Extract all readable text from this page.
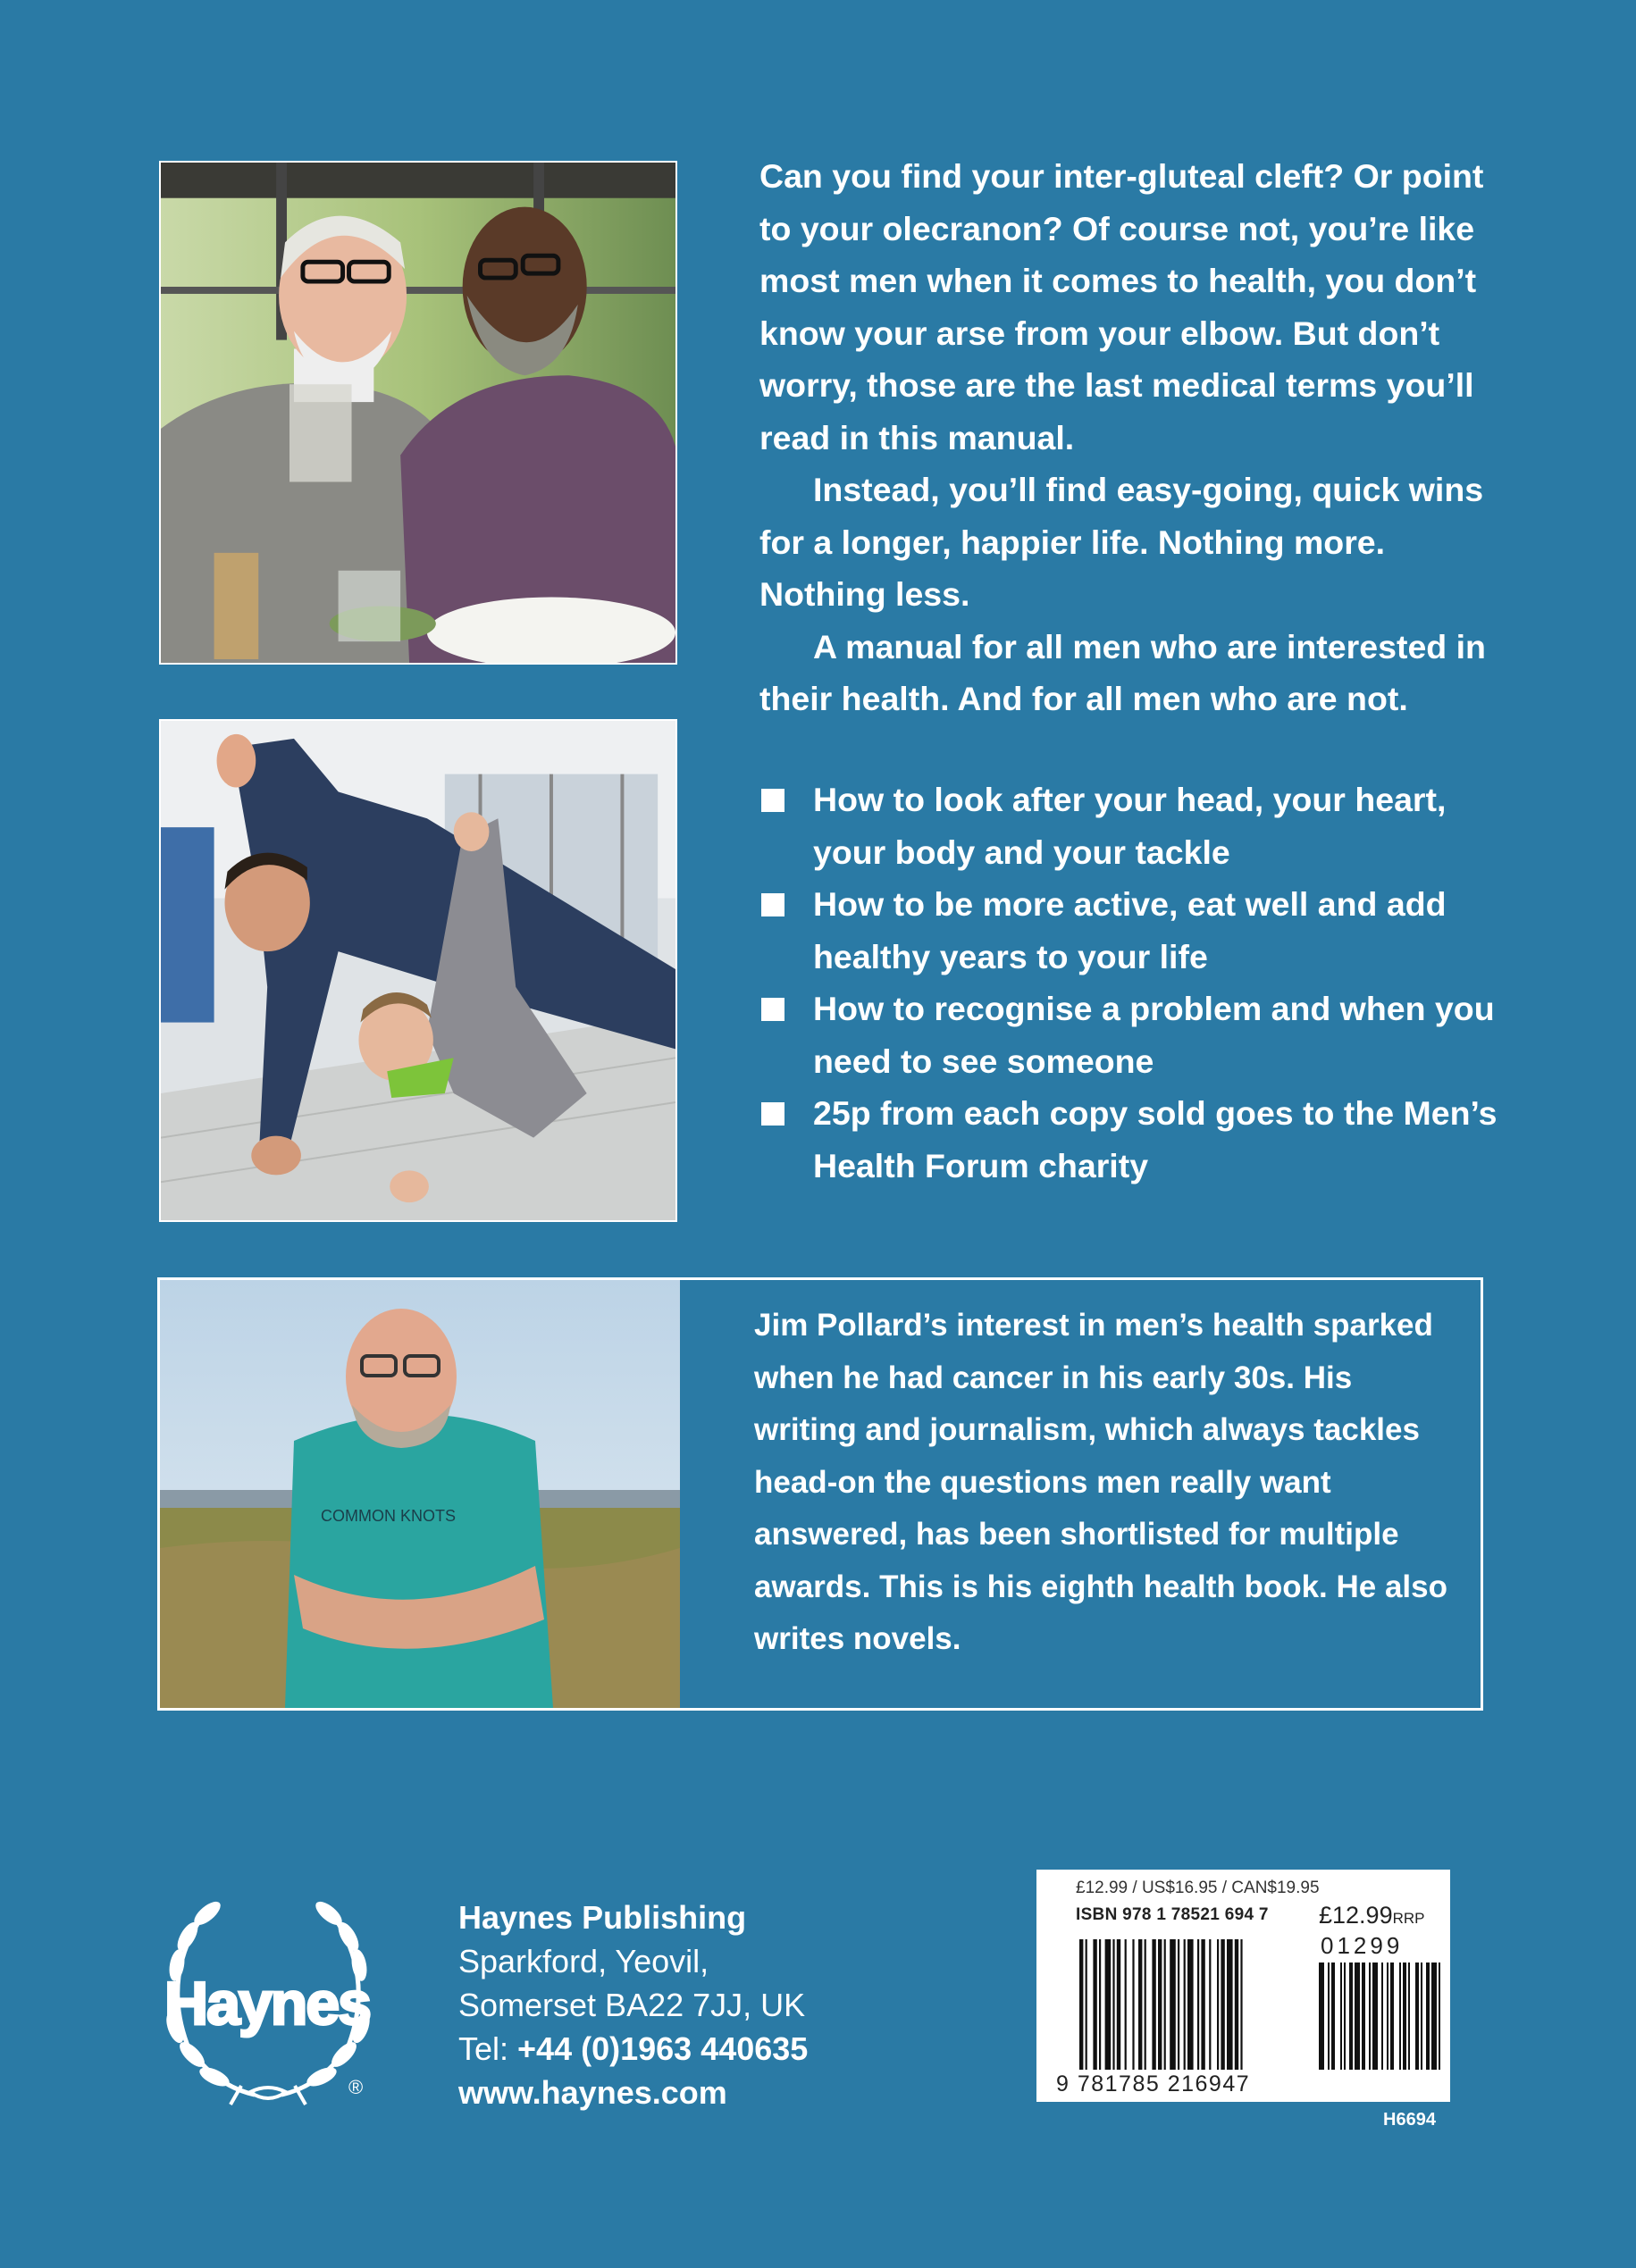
Can you find your inter-gluteal cleft? Or point to your olecranon? Of course not, you’re like most men when it comes to health, you don’t know your arse from your elbow. But don’t worry, those are the last medical terms you’ll read in this manual.

Instead, you’ll find easy-going, quick wins for a longer, happier life. Nothing more. Nothing less.

A manual for all men who are interested in their health. And for all men who are not.

How to look after your head, your heart, your body and your tackle
How to be more active, eat well and add healthy years to your life
How to recognise a problem and when you need to see someone
25p from each copy sold goes to the Men’s Health Forum charity
COMMON KNOTS

Jim Pollard’s interest in men’s health sparked when he had cancer in his early 30s. His writing and journalism, which always tackles head-on the questions men really want answered, has been shortlisted for multiple awards. This is his eighth health book. He also writes novels.

Haynes
®
Haynes Publishing
Sparkford, Yeovil,
Somerset BA22 7JJ, UK
Tel: +44 (0)1963 440635
www.haynes.com
£12.99 / US$16.95 / CAN$19.95
ISBN 978 1 78521 694 7 £12.99RRP
01299
9 781785 216947
H6694
